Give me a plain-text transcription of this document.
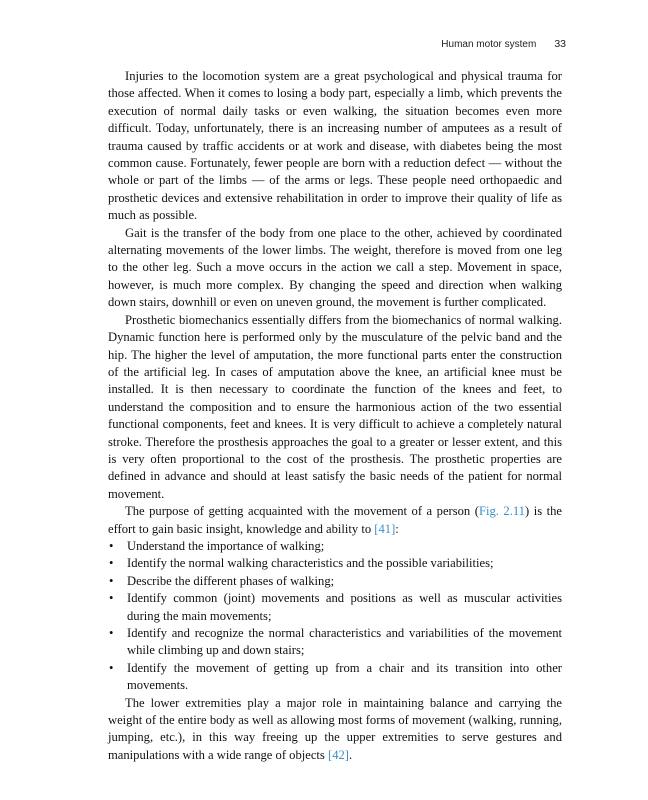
Human motor system 33

Injuries to the locomotion system are a great psychological and physical trauma for those affected. When it comes to losing a body part, especially a limb, which prevents the execution of normal daily tasks or even walking, the situation becomes even more difficult. Today, unfortunately, there is an increasing number of amputees as a result of trauma caused by traffic accidents or at work and disease, with diabetes being the most common cause. Fortunately, fewer people are born with a reduction defect — without the whole or part of the limbs — of the arms or legs. These people need orthopaedic and prosthetic devices and extensive rehabilitation in order to improve their quality of life as much as possible.

Gait is the transfer of the body from one place to the other, achieved by coordinated alternating movements of the lower limbs. The weight, therefore is moved from one leg to the other leg. Such a move occurs in the action we call a step. Movement in space, however, is much more complex. By changing the speed and direction when walking down stairs, downhill or even on uneven ground, the movement is further complicated.

Prosthetic biomechanics essentially differs from the biomechanics of normal walking. Dynamic function here is performed only by the musculature of the pelvic band and the hip. The higher the level of amputation, the more functional parts enter the construction of the artificial leg. In cases of amputation above the knee, an artificial knee must be installed. It is then necessary to coordinate the function of the knees and feet, to understand the composition and to ensure the harmonious action of the two essential functional components, feet and knees. It is very difficult to achieve a completely natural stroke. Therefore the prosthesis approaches the goal to a greater or lesser extent, and this is very often proportional to the cost of the prosthesis. The prosthetic properties are defined in advance and should at least satisfy the basic needs of the patient for normal movement.

The purpose of getting acquainted with the movement of a person (Fig. 2.11) is the effort to gain basic insight, knowledge and ability to [41]:

• Understand the importance of walking;
• Identify the normal walking characteristics and the possible variabilities;
• Describe the different phases of walking;
• Identify common (joint) movements and positions as well as muscular activities during the main movements;
• Identify and recognize the normal characteristics and variabilities of the movement while climbing up and down stairs;
• Identify the movement of getting up from a chair and its transition into other movements.

The lower extremities play a major role in maintaining balance and carrying the weight of the entire body as well as allowing most forms of movement (walking, running, jumping, etc.), in this way freeing up the upper extremities to serve gestures and manipulations with a wide range of objects [42].
